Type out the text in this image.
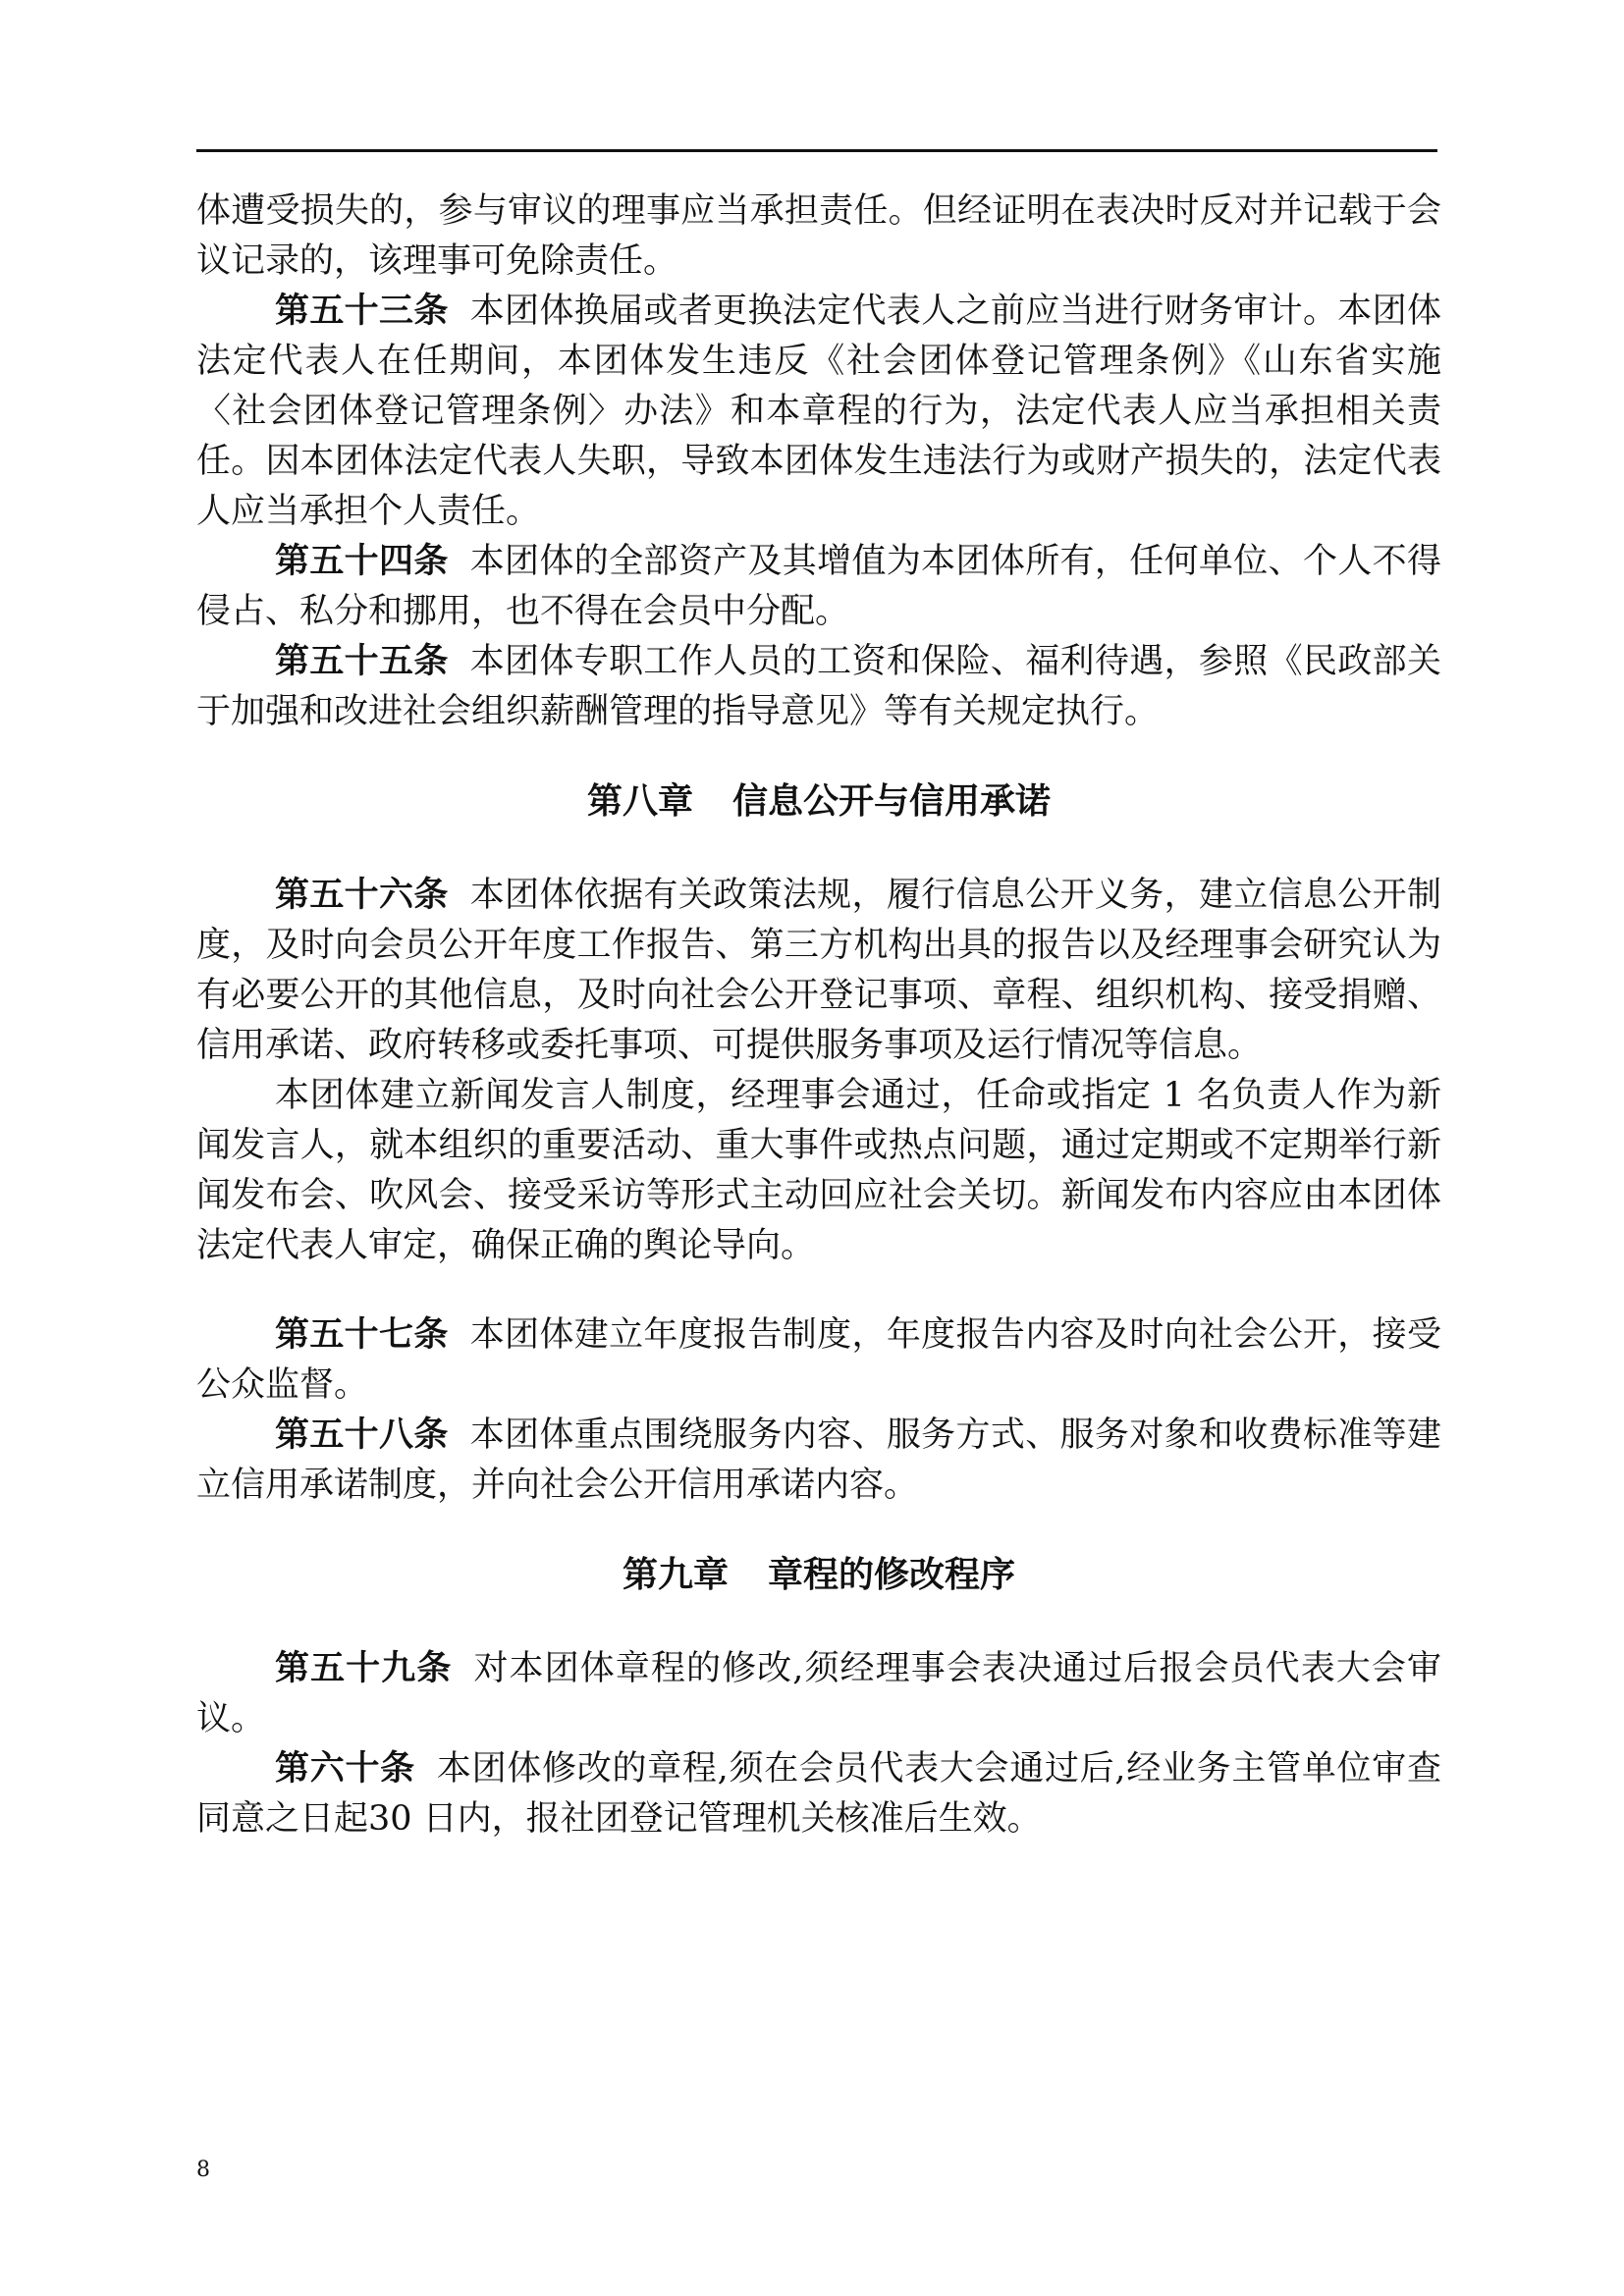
体遭受损失的，参与审议的理事应当承担责任。但经证明在表决时反对并记载于会议记录的，该理事可免除责任。

第五十三条 本团体换届或者更换法定代表人之前应当进行财务审计。本团体法定代表人在任期间，本团体发生违反《社会团体登记管理条例》《山东省实施〈社会团体登记管理条例〉办法》和本章程的行为，法定代表人应当承担相关责任。因本团体法定代表人失职，导致本团体发生违法行为或财产损失的，法定代表人应当承担个人责任。

第五十四条 本团体的全部资产及其增值为本团体所有，任何单位、个人不得侵占、私分和挪用，也不得在会员中分配。

第五十五条 本团体专职工作人员的工资和保险、福利待遇，参照《民政部关于加强和改进社会组织薪酬管理的指导意见》等有关规定执行。

第八章 信息公开与信用承诺

第五十六条 本团体依据有关政策法规，履行信息公开义务，建立信息公开制度，及时向会员公开年度工作报告、第三方机构出具的报告以及经理事会研究认为有必要公开的其他信息，及时向社会公开登记事项、章程、组织机构、接受捐赠、信用承诺、政府转移或委托事项、可提供服务事项及运行情况等信息。

本团体建立新闻发言人制度，经理事会通过，任命或指定 1 名负责人作为新闻发言人，就本组织的重要活动、重大事件或热点问题，通过定期或不定期举行新闻发布会、吹风会、接受采访等形式主动回应社会关切。新闻发布内容应由本团体法定代表人审定，确保正确的舆论导向。

第五十七条 本团体建立年度报告制度，年度报告内容及时向社会公开，接受公众监督。

第五十八条 本团体重点围绕服务内容、服务方式、服务对象和收费标准等建立信用承诺制度，并向社会公开信用承诺内容。

第九章 章程的修改程序

第五十九条 对本团体章程的修改,须经理事会表决通过后报会员代表大会审议。

第六十条 本团体修改的章程,须在会员代表大会通过后,经业务主管单位审查同意之日起30 日内，报社团登记管理机关核准后生效。

8
